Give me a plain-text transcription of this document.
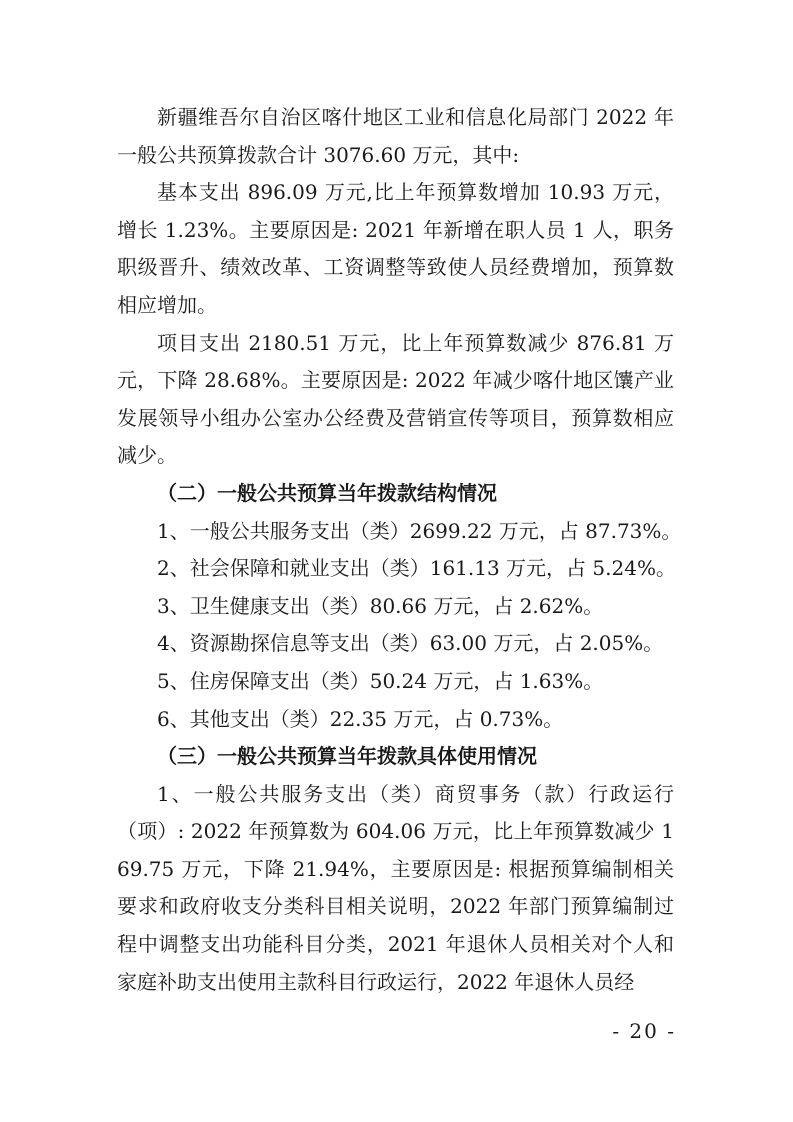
新疆维吾尔自治区喀什地区工业和信息化局部门 2022 年一般公共预算拨款合计 3076.60 万元，其中:

基本支出 896.09 万元,比上年预算数增加 10.93 万元，增长 1.23%。主要原因是: 2021 年新增在职人员 1 人，职务职级晋升、绩效改革、工资调整等致使人员经费增加，预算数相应增加。

项目支出 2180.51 万元，比上年预算数减少 876.81 万元，下降 28.68%。主要原因是: 2022 年减少喀什地区馕产业发展领导小组办公室办公经费及营销宣传等项目，预算数相应减少。

（二）一般公共预算当年拨款结构情况

1、一般公共服务支出（类）2699.22 万元，占 87.73%。

2、社会保障和就业支出（类）161.13 万元，占 5.24%。

3、卫生健康支出（类）80.66 万元，占 2.62%。

4、资源勘探信息等支出（类）63.00 万元，占 2.05%。

5、住房保障支出（类）50.24 万元，占 1.63%。

6、其他支出（类）22.35 万元，占 0.73%。

（三）一般公共预算当年拨款具体使用情况

1、一般公共服务支出（类）商贸事务（款）行政运行（项）: 2022 年预算数为 604.06 万元，比上年预算数减少 169.75 万元，下降 21.94%，主要原因是: 根据预算编制相关要求和政府收支分类科目相关说明，2022 年部门预算编制过程中调整支出功能科目分类，2021 年退休人员相关对个人和家庭补助支出使用主款科目行政运行，2022 年退休人员经

- 20 -
